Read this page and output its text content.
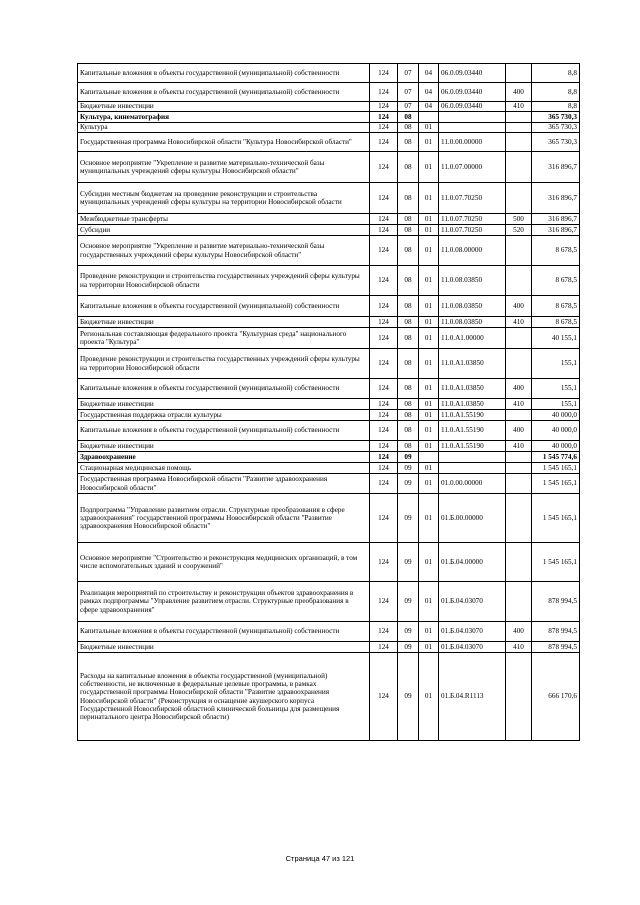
Капитальные вложения в объекты государственной (муниципальной) собственности	124	07	04	06.0.09.03440		8,8
Капитальные вложения в объекты государственной (муниципальной) собственности	124	07	04	06.0.09.03440	400	8,8
Бюджетные инвестиции	124	07	04	06.0.09.03440	410	8,8
Культура, кинематография	124	08				365 730,3
Культура	124	08	01			365 730,3
Государственная программа Новосибирской области "Культура Новосибирской области"	124	08	01	11.0.00.00000		365 730,3
Основное мероприятие "Укрепление и развитие материально-технической базы муниципальных учреждений сферы культуры Новосибирской области"	124	08	01	11.0.07.00000		316 896,7
Субсидии местным бюджетам на проведение реконструкции и строительства муниципальных учреждений сферы культуры на территории Новосибирской области	124	08	01	11.0.07.70250		316 896,7
Межбюджетные трансферты	124	08	01	11.0.07.70250	500	316 896,7
Субсидии	124	08	01	11.0.07.70250	520	316 896,7
Основное мероприятие "Укрепление и развитие материально-технической базы государственных учреждений сферы культуры Новосибирской области"	124	08	01	11.0.08.00000		8 678,5
Проведение реконструкции и строительства государственных учреждений сферы культуры на территории Новосибирской области	124	08	01	11.0.08.03850		8 678,5
Капитальные вложения в объекты государственной (муниципальной) собственности	124	08	01	11.0.08.03850	400	8 678,5
Бюджетные инвестиции	124	08	01	11.0.08.03850	410	8 678,5
Региональная составляющая федерального проекта "Культурная среда" национального проекта "Культура"	124	08	01	11.0.A1.00000		40 155,1
Проведение реконструкции и строительства государственных учреждений сферы культуры на территории Новосибирской области	124	08	01	11.0.A1.03850		155,1
Капитальные вложения в объекты государственной (муниципальной) собственности	124	08	01	11.0.A1.03850	400	155,1
Бюджетные инвестиции	124	08	01	11.0.A1.03850	410	155,1
Государственная поддержка отрасли культуры	124	08	01	11.0.A1.55190		40 000,0
Капитальные вложения в объекты государственной (муниципальной) собственности	124	08	01	11.0.A1.55190	400	40 000,0
Бюджетные инвестиции	124	08	01	11.0.A1.55190	410	40 000,0
Здравоохранение	124	09				1 545 774,6
Стационарная медицинская помощь	124	09	01			1 545 165,1
Государственная программа Новосибирской области "Развитие здравоохранения Новосибирской области"	124	09	01	01.0.00.00000		1 545 165,1
Подпрограмма "Управление развитием отрасли. Структурные преобразования в сфере здравоохранения" государственной программы Новосибирской области "Развитие здравоохранения Новосибирской области"	124	09	01	01.Б.00.00000		1 545 165,1
Основное мероприятие "Строительство и реконструкция медицинских организаций, в том числе вспомогательных зданий и сооружений"	124	09	01	01.Б.04.00000		1 545 165,1
Реализация мероприятий по строительству и реконструкции объектов здравоохранения в рамках подпрограммы "Управление развитием отрасли. Структурные преобразования в сфере здравоохранения"	124	09	01	01.Б.04.03070		878 994,5
Капитальные вложения в объекты государственной (муниципальной) собственности	124	09	01	01.Б.04.03070	400	878 994,5
Бюджетные инвестиции	124	09	01	01.Б.04.03070	410	878 994,5
Расходы на капитальные вложения в объекты государственной (муниципальной) собственности, не включенные в федеральные целевые программы, в рамках государственной программы Новосибирской области "Развитие здравоохранения Новосибирской области" (Реконструкция и оснащение акушерского корпуса Государственной Новосибирской областной клинической больницы для размещения перинатального центра Новосибирской области)	124	09	01	01.Б.04.R1113		666 170,6
Страница 47 из 121
